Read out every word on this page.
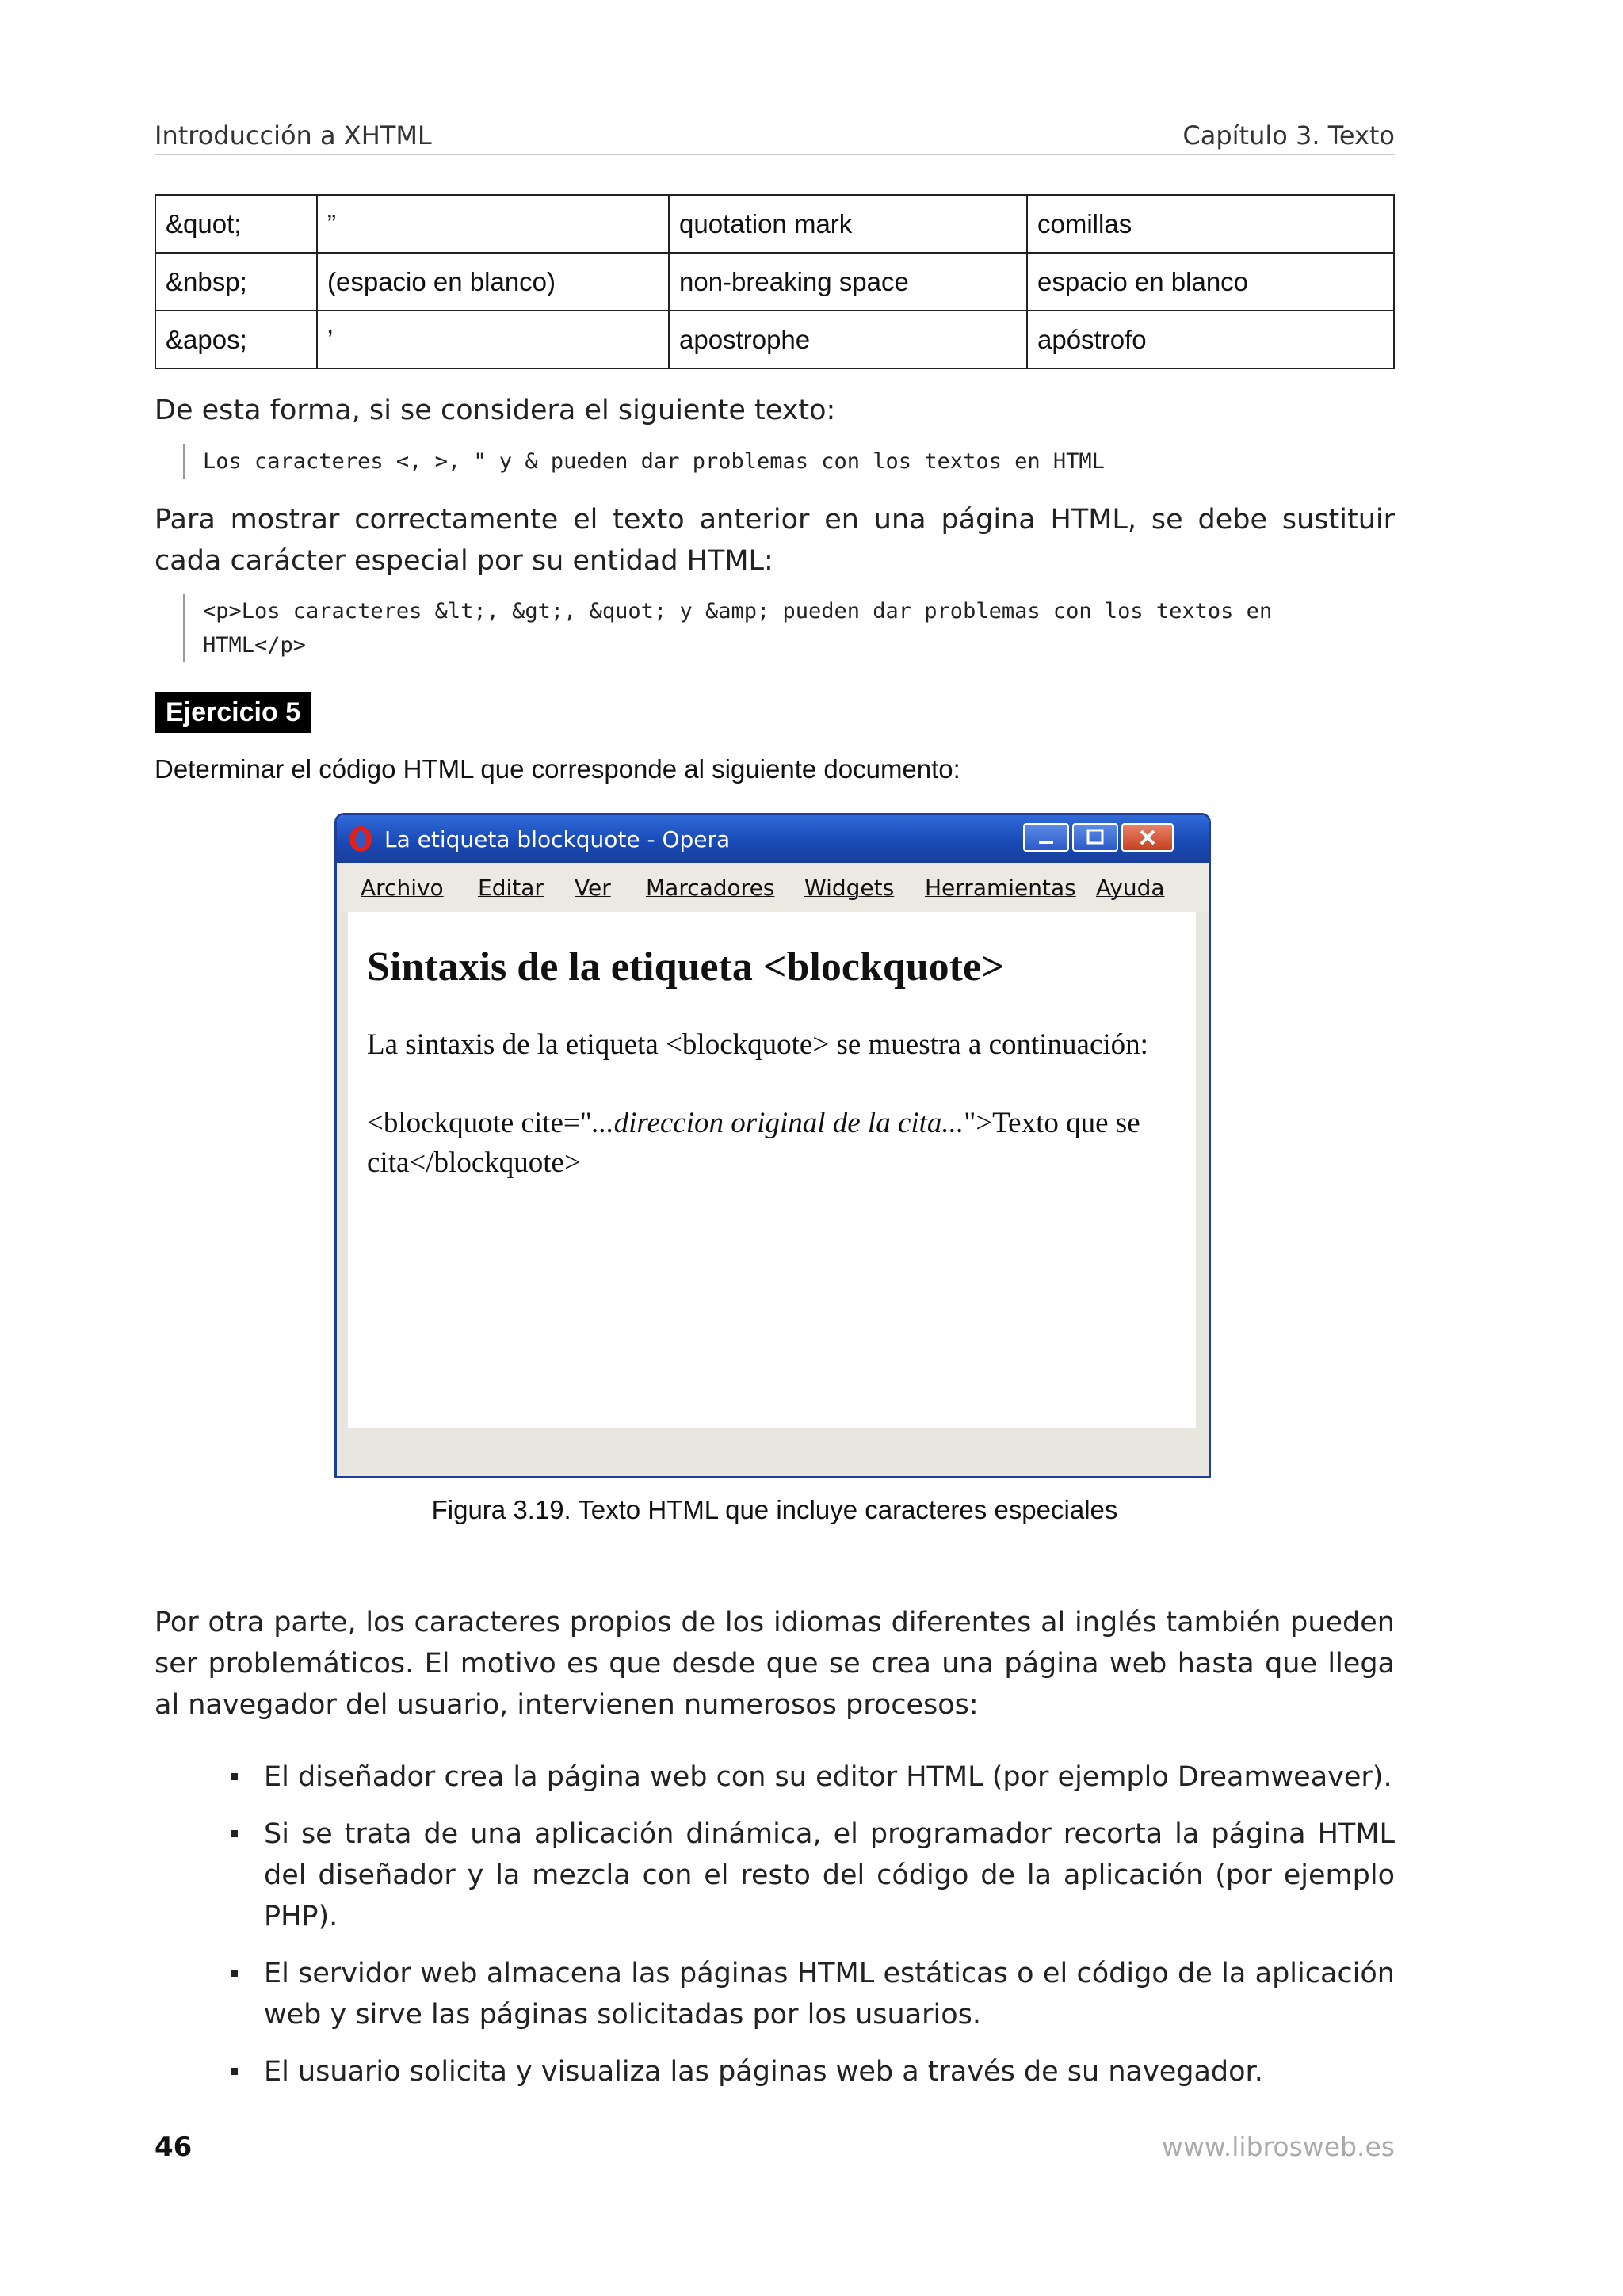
Introducción a XHTML	Capítulo 3. Texto
&quot;	”	quotation mark	comillas
&nbsp;	(espacio en blanco)	non-breaking space	espacio en blanco
&apos;	’	apostrophe	apóstrofo
De esta forma, si se considera el siguiente texto:
Los caracteres <, >, " y & pueden dar problemas con los textos en HTML
Para mostrar correctamente el texto anterior en una página HTML, se debe sustituir cada carácter especial por su entidad HTML:
<p>Los caracteres &lt;, &gt;, &quot; y &amp; pueden dar problemas con los textos en
HTML</p>
Ejercicio 5
Determinar el código HTML que corresponde al siguiente documento:
La etiqueta blockquote - Opera
Archivo Editar Ver Marcadores Widgets Herramientas Ayuda
Sintaxis de la etiqueta <blockquote>
La sintaxis de la etiqueta <blockquote> se muestra a continuación:
<blockquote cite="...direccion original de la cita...">Texto que se cita</blockquote>
Figura 3.19. Texto HTML que incluye caracteres especiales
Por otra parte, los caracteres propios de los idiomas diferentes al inglés también pueden ser problemáticos. El motivo es que desde que se crea una página web hasta que llega al navegador del usuario, intervienen numerosos procesos:
El diseñador crea la página web con su editor HTML (por ejemplo Dreamweaver).
Si se trata de una aplicación dinámica, el programador recorta la página HTML del diseñador y la mezcla con el resto del código de la aplicación (por ejemplo PHP).
El servidor web almacena las páginas HTML estáticas o el código de la aplicación web y sirve las páginas solicitadas por los usuarios.
El usuario solicita y visualiza las páginas web a través de su navegador.
46	www.librosweb.es
